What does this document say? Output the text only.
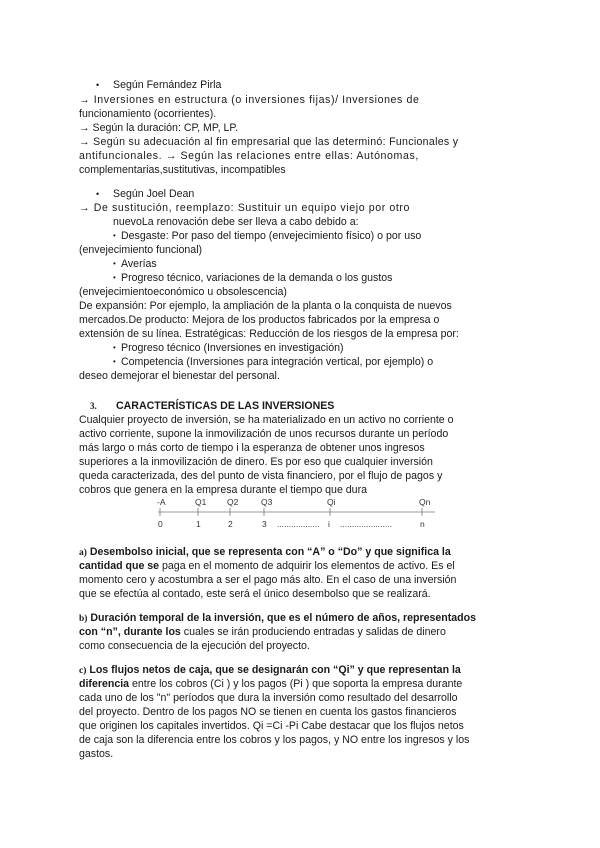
• Según Fernández Pirla
→ Inversiones en estructura (o inversiones fijas)/ Inversiones de
funcionamiento (ocorrientes).
→ Según la duración: CP, MP, LP.
→ Según su adecuación al fin empresarial que las determinó: Funcionales y
antifuncionales. → Según las relaciones entre ellas: Autónomas,
complementarias,sustitutivas, incompatibles
• Según Joel Dean
→ De sustitución, reemplazo: Sustituir un equipo viejo por otro
nuevoLa renovación debe ser lleva a cabo debido a:
• Desgaste: Por paso del tiempo (envejecimiento físico) o por uso
(envejecimiento funcional)
• Averías
• Progreso técnico, variaciones de la demanda o los gustos
(envejecimientoeconómico u obsolescencia)
De expansión: Por ejemplo, la ampliación de la planta o la conquista de nuevos
mercados.De producto: Mejora de los productos fabricados por la empresa o
extensión de su línea. Estratégicas: Reducción de los riesgos de la empresa por:
• Progreso técnico (Inversiones en investigación)
• Competencia (Inversiones para integración vertical, por ejemplo) o
deseo demejorar el bienestar del personal.
3. CARACTERÍSTICAS DE LAS INVERSIONES
Cualquier proyecto de inversión, se ha materializado en un activo no corriente o
activo corriente, supone la inmovilización de unos recursos durante un período
más largo o más corto de tiempo i la esperanza de obtener unos ingresos
superiores a la inmovilización de dinero. Es por eso que cualquier inversión
queda caracterizada, des del punto de vista financiero, por el flujo de pagos y
cobros que genera en la empresa durante el tiempo que dura
-A
0
Q1
1
Q2
2
Q3
3
Qi
i
Qn
n
.................. ......................
a) Desembolso inicial, que se representa con “A” o “Do” y que significa la
cantidad que se paga en el momento de adquirir los elementos de activo. Es el
momento cero y acostumbra a ser el pago más alto. En el caso de una inversión
que se efectúa al contado, este será el único desembolso que se realizará.
b) Duración temporal de la inversión, que es el número de años, representados
con “n”, durante los cuales se irán produciendo entradas y salidas de dinero
como consecuencia de la ejecución del proyecto.
c) Los flujos netos de caja, que se designarán con “Qi” y que representan la
diferencia entre los cobros (Ci ) y los pagos (Pi ) que soporta la empresa durante
cada uno de los "n" períodos que dura la inversión como resultado del desarrollo
del proyecto. Dentro de los pagos NO se tienen en cuenta los gastos financieros
que originen los capitales invertidos. Qi =Ci -Pi Cabe destacar que los flujos netos
de caja son la diferencia entre los cobros y los pagos, y NO entre los ingresos y los
gastos.
